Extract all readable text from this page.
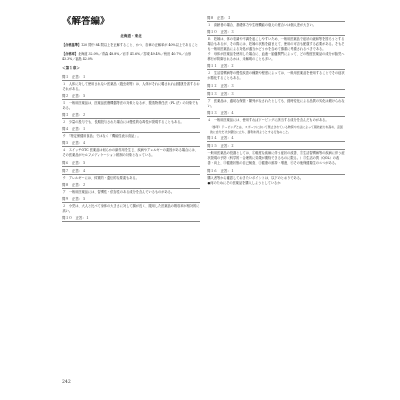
《解答編》
北海道・東北
【合格基準】120 問中 84 問以上を正解すること、かつ、各章の正解率が 40%以上であること
【合格率】北海道 32.0%／青森 48.8%／岩手 41.6%／宮城 49.4%／秋田 40.7%／山形 43.3%／福島 42.0%
＜第１章＞
問１　正答：１
１　人体に対して使用されない医薬品（殺虫剤等）は、人体がそれに曝されれば健康を害するおそれがある。
問２　正答：５
５　一般用医薬品は、医薬品医療機器等法の対象となるが、製造物責任法（PL 法）の対象でもある。
問３　正答：２
２　少量の投与でも、長期投与された場合には慢性的な毒性が発現することもある。
問４　正答：１
ウ　「特定保健用食品」ではなく「機能性表示食品」。
問５　正答：４
４　スイッチOTC 医薬品は何らかの副作用を生じ、疾病やアレルギーの素因がある場合には、その医薬品がセルフメディケーション税制の対象となっている。
問６　正答：５
問７　正答：４
ウ　アレルギーには、体質的・遺伝的な要素もある。
問８　正答：２
ア　一般用医薬品には、習慣性・依存性のある成分を含んでいるものがある。
問９　正答：５
２　小児は、大人と比べて身体の大きさに対して腸が長く、服用した医薬品の吸収率が相対的に高い。
問１０　正答：１
問８　正答：３
１　高齢者の場合、基礎体力や生理機能の衰えの度合いは個人差が大きい。
問１０　正答：３
Ｂ　妊婦は、体の変調や不調を起こしやすいため、一般用医薬品で症状の緩和等を図ろうとする場合もあるが、その際には、妊婦の状態を踏まえて、使用の可否も配慮する必要がある。そもそも一般用医薬品による対処が適当かどうかを含めて慎重に考慮されるべきである。
ウ　母体が医薬品を使用した場合に、血液－胎盤関門によって、どの程度医薬品の成分が胎児へ移行が防御されるかは、未解明のことも多い。
問１１　正答：２
２　生活習慣病等の慢性疾患の種類や程度によっては、一般用医薬品を使用することでその症状が悪化することもある。
問１２　正答：３
問１３　正答：３
ア　医薬品は、適切な保管・陳列がなされたとしても、経時変化による品質の劣化は避けられない。
問１３　正答：４
４　一般用医薬品には、使用すればドーピングに該当する成分を含んだものがある。
（参考）ドーピングとは、スポーツにおいて禁止されている物質や方法によって競技能力を高め、意図的に自分だけが優位に立ち、勝利を得ようとする行為のこと。
問１４　正答：４
問１５　正答：２
一般用医薬品の役割としては、①軽度な疾病に伴う症状の改善、②生活習慣病等の疾病に伴う症状発現の予防（科学的・合理的に効果が期待できるものに限る。）③生活の質（QOL）の改善・向上、④健康状態の自己検査、⑤健康の維持・増進、⑥その他保健衛生の６つがある。
問１６　正答：１
購入者等から確認しておきたいポイントは、以下のとおりである。
●何のためにその医薬品を購入しようとしているか
242
